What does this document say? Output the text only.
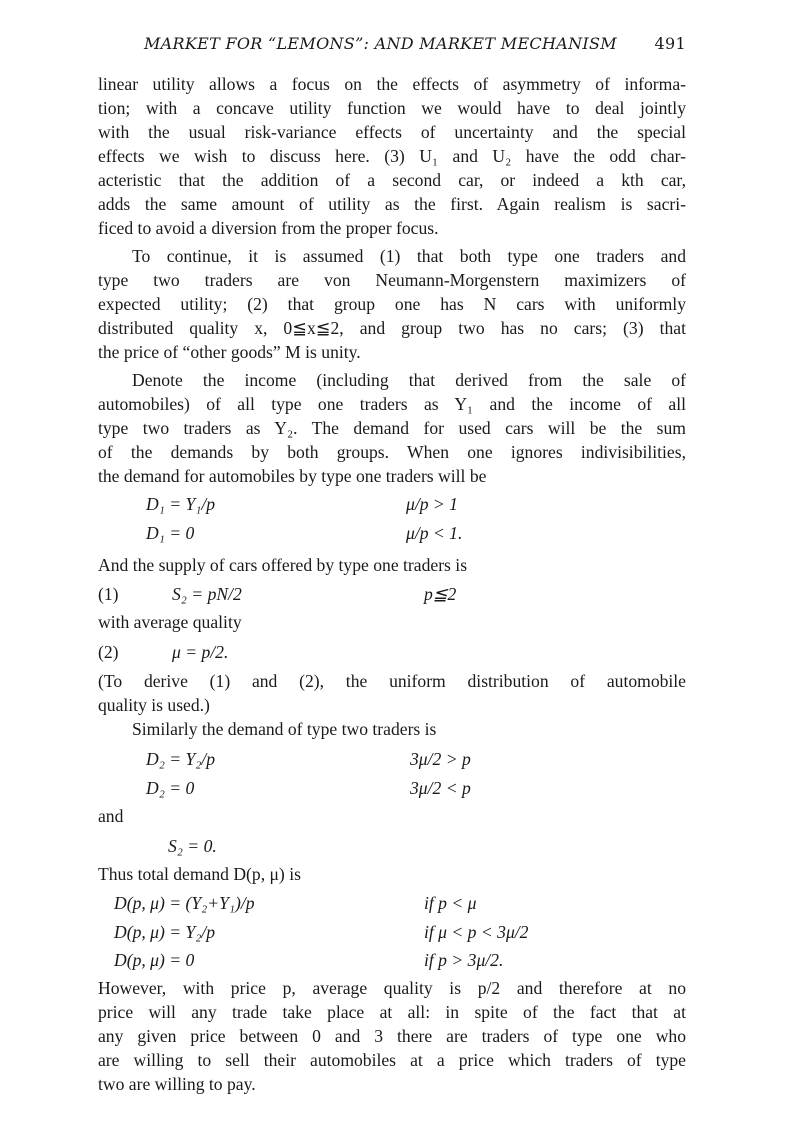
MARKET FOR “LEMONS”: AND MARKET MECHANISM 491
linear utility allows a focus on the effects of asymmetry of informa-
tion; with a concave utility function we would have to deal jointly
with the usual risk-variance effects of uncertainty and the special
effects we wish to discuss here. (3) U₁ and U₂ have the odd char-
acteristic that the addition of a second car, or indeed a kth car,
adds the same amount of utility as the first. Again realism is sacri-
ficed to avoid a diversion from the proper focus.
To continue, it is assumed (1) that both type one traders and
type two traders are von Neumann-Morgenstern maximizers of
expected utility; (2) that group one has N cars with uniformly
distributed quality x, 0≦x≦2, and group two has no cars; (3) that
the price of “other goods” M is unity.
Denote the income (including that derived from the sale of
automobiles) of all type one traders as Y₁ and the income of all
type two traders as Y₂. The demand for used cars will be the sum
of the demands by both groups. When one ignores indivisibilities,
the demand for automobiles by type one traders will be
D₁ = Y₁/p	μ/p > 1
D₁ = 0	μ/p < 1.
And the supply of cars offered by type one traders is
(1)	S₂ = pN/2	p≦2
with average quality
(2)	μ = p/2.
(To derive (1) and (2), the uniform distribution of automobile
quality is used.)
Similarly the demand of type two traders is
D₂ = Y₂/p	3μ/2 > p
D₂ = 0	3μ/2 < p
and
S₂ = 0.
Thus total demand D(p, μ) is
D(p, μ) = (Y₂+Y₁)/p	if p < μ
D(p, μ) = Y₂/p	if μ < p < 3μ/2
D(p, μ) = 0	if p > 3μ/2.
However, with price p, average quality is p/2 and therefore at no
price will any trade take place at all: in spite of the fact that at
any given price between 0 and 3 there are traders of type one who
are willing to sell their automobiles at a price which traders of type
two are willing to pay.
